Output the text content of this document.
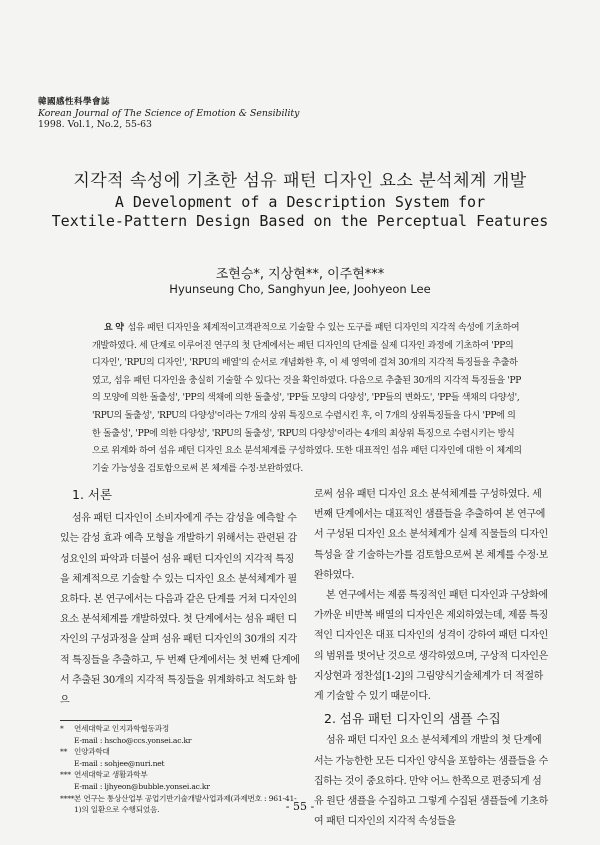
韓國感性科學會誌
Korean Journal of The Science of Emotion & Sensibility
1998. Vol.1, No.2, 55-63
지각적 속성에 기초한 섬유 패턴 디자인 요소 분석체계 개발
A Development of a Description System for
Textile-Pattern Design Based on the Perceptual Features
조현승*, 지상현**, 이주현***
Hyunseung Cho, Sanghyun Jee, Joohyeon Lee

요 약 섬유 패턴 디자인을 체계적이고객관적으로 기술할 수 있는 도구를 패턴 디자인의 지각적 속성에 기초하여 개발하였다. 세 단계로 이루어진 연구의 첫 단계에서는 패턴 디자인의 단계를 실제 디자인 과정에 기초하여 'PP의 디자인', 'RPU의 디자인', 'RPU의 배열'의 순서로 개념화한 후, 이 세 영역에 걸쳐 30개의 지각적 특징들을 추출하였고, 섬유 패턴 디자인을 충실히 기술할 수 있다는 것을 확인하였다. 다음으로 추출된 30개의 지각적 특징들을 'PP의 모양에 의한 돌출성', 'PP의 색채에 의한 돌출성', 'PP들 모양의 다양성', 'PP들의 변화도', 'PP들 색채의 다양성', 'RPU의 돌출성', 'RPU의 다양성'이라는 7개의 상위 특징으로 수렴시킨 후, 이 7개의 상위특징들을 다시 'PP에 의한 돌출성', 'PP에 의한 다양성', 'RPU의 돌출성', 'RPU의 다양성'이라는 4개의 최상위 특징으로 수렴시키는 방식으로 위계화 하여 섬유 패턴 디자인 요소 분석체계를 구성하였다. 또한 대표적인 섬유 패턴 디자인에 대한 이 체계의 기술 가능성을 검토함으로써 본 체계를 수정·보완하였다.

1. 서론

섬유 패턴 디자인이 소비자에게 주는 감성을 예측할 수 있는 감성 효과 예측 모형을 개발하기 위해서는 관련된 감성요인의 파악과 더불어 섬유 패턴 디자인의 지각적 특징을 체계적으로 기술할 수 있는 디자인 요소 분석체계가 필요하다. 본 연구에서는 다음과 같은 단계를 거쳐 디자인의 요소 분석체계를 개발하였다. 첫 단계에서는 섬유 패턴 디자인의 구성과정을 살펴 섬유 패턴 디자인의 30개의 지각적 특징들을 추출하고, 두 번째 단계에서는 첫 번째 단계에서 추출된 30개의 지각적 특징들을 위계화하고 척도화 함으

로써 섬유 패턴 디자인 요소 분석체계를 구성하였다. 세 번째 단계에서는 대표적인 샘플들을 추출하여 본 연구에서 구성된 디자인 요소 분석체계가 실제 직물들의 디자인 특성을 잘 기술하는가를 검토함으로써 본 체계를 수정·보완하였다.

본 연구에서는 제품 특징적인 패턴 디자인과 구상화에 가까운 비반복 배열의 디자인은 제외하였는데, 제품 특징적인 디자인은 대표 디자인의 성격이 강하여 패턴 디자인의 범위를 벗어난 것으로 생각하였으며, 구상적 디자인은 지상현과 정찬섭[1-2]의 그림양식기술체계가 더 적절하게 기술할 수 있기 때문이다.

2. 섬유 패턴 디자인의 샘플 수집

섬유 패턴 디자인 요소 분석체계의 개발의 첫 단계에서는 가능한한 모든 디자인 양식을 포함하는 샘플들을 수집하는 것이 중요하다. 만약 어느 한쪽으로 편중되게 섬유 원단 샘플을 수집하고 그렇게 수집된 샘플들에 기초하여 패턴 디자인의 지각적 속성들을

*	연세대학교 인지과학협동과정
E-mail : hscho@ccs.yonsei.ac.kr
** 인양과학대
E-mail : sohjee@nuri.net
*** 연세대학교 생활과학부
E-mail : ljhyeon@bubble.yonsei.ac.kr
**** 본 연구는 통상산업부 공업기반기술개발사업과제(과제번호 : 961-41-1)의 일환으로 수행되었음.	- 55 -
